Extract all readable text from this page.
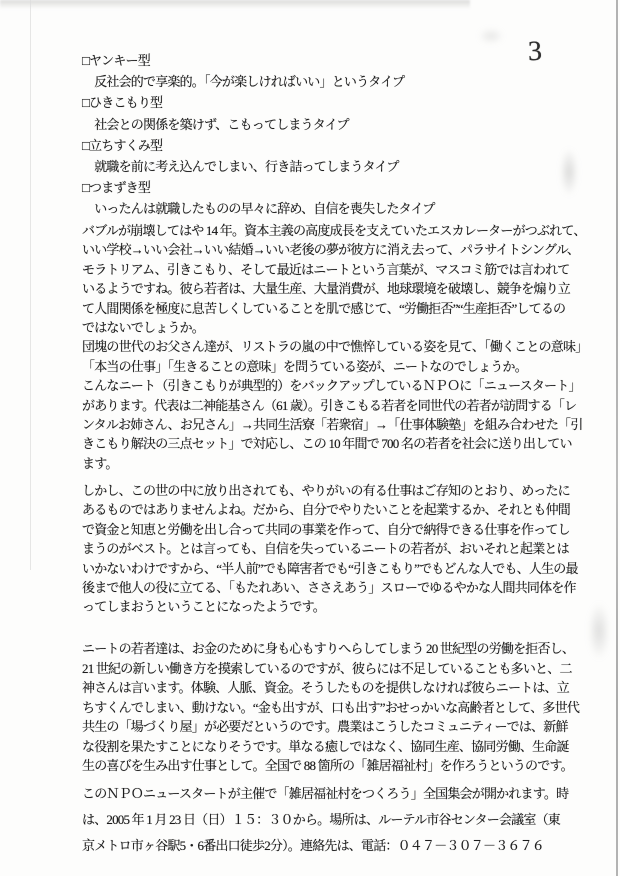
3
□ヤンキー型
　反社会的で享楽的。「今が楽しければいい」というタイプ
□ひきこもり型
　社会との関係を築けず、こもってしまうタイプ
□立ちすくみ型
　就職を前に考え込んでしまい、行き詰ってしまうタイプ
□つまずき型
　いったんは就職したものの早々に辞め、自信を喪失したタイプ
バブルが崩壊してはや 14 年。資本主義の高度成長を支えていたエスカレーターがつぶれて、
いい学校→いい会社→いい結婚→いい老後の夢が彼方に消え去って、パラサイトシングル、
モラトリアム、引きこもり、そして最近はニートという言葉が、マスコミ筋では言われて
いるようですね。彼ら若者は、大量生産、大量消費が、地球環境を破壊し、競争を煽り立
て人間関係を極度に息苦しくしていることを肌で感じて、“労働拒否”“生産拒否”してるの
ではないでしょうか。
団塊の世代のお父さん達が、リストラの嵐の中で憔悴している姿を見て、「働くことの意味」
「本当の仕事」「生きることの意味」を問うている姿が、ニートなのでしょうか。
こんなニート（引きこもりが典型的）をバックアップしているＮＰＯに「ニュースタート」
があります。代表は二神能基さん（61 歳）。引きこもる若者を同世代の若者が訪問する「レ
ンタルお姉さん、お兄さん」→共同生活寮「若衆宿」→「仕事体験塾」を組み合わせた「引
きこもり解決の三点セット」で対応し、この 10 年間で 700 名の若者を社会に送り出してい
ます。
しかし、この世の中に放り出されても、やりがいの有る仕事はご存知のとおり、めったに
あるものではありませんよね。だから、自分でやりたいことを起業するか、それとも仲間
で資金と知恵と労働を出し合って共同の事業を作って、自分で納得できる仕事を作ってし
まうのがベスト。とは言っても、自信を失っているニートの若者が、おいそれと起業とは
いかないわけですから、“半人前”でも障害者でも“引きこもり”でもどんな人でも、人生の最
後まで他人の役に立てる、「もたれあい、ささえあう」スローでゆるやかな人間共同体を作
ってしまおうということになったようです。
ニートの若者達は、お金のために身も心もすりへらしてしまう 20 世紀型の労働を拒否し、
21 世紀の新しい働き方を摸索しているのですが、彼らには不足していることも多いと、二
神さんは言います。体験、人脈、資金。そうしたものを提供しなければ彼らニートは、立
ちすくんでしまい、動けない。“金も出すが、口も出す”おせっかいな高齢者として、多世代
共生の「場づくり屋」が必要だというのです。農業はこうしたコミュニティーでは、新鮮
な役割を果たすことになりそうです。単なる癒しではなく、協同生産、協同労働、生命誕
生の喜びを生み出す仕事として。全国で 88 箇所の「雑居福祉村」を作ろうというのです。
このＮＰＯニュースタートが主催で「雑居福祉村をつくろう」全国集会が開かれます。時
は、2005 年 1 月 23 日（日）１５：３０から。場所は、ルーテル市谷センター会議室（東
京メトロ市ヶ谷駅5・6番出口徒歩2分）。連絡先は、電話：０４７－３０７－３６７６
